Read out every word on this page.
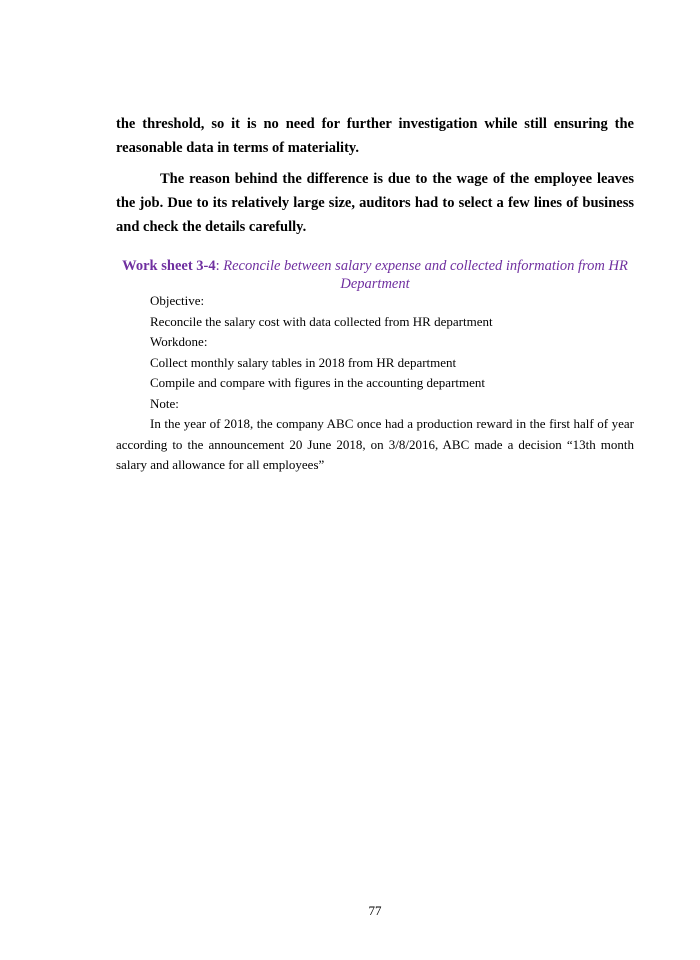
the threshold, so it is no need for further investigation while still ensuring the reasonable data in terms of materiality.

The reason behind the difference is due to the wage of the employee leaves the job. Due to its relatively large size, auditors had to select a few lines of business and check the details carefully.

Work sheet 3-4: Reconcile between salary expense and collected information from HR Department

Objective:
Reconcile the salary cost with data collected from HR department
Workdone:
Collect monthly salary tables in 2018 from HR department
Compile and compare with figures in the accounting department
Note:
In the year of 2018, the company ABC once had a production reward in the first half of year according to the announcement 20 June 2018, on 3/8/2016, ABC made a decision “13th month salary and allowance for all employees”
77
